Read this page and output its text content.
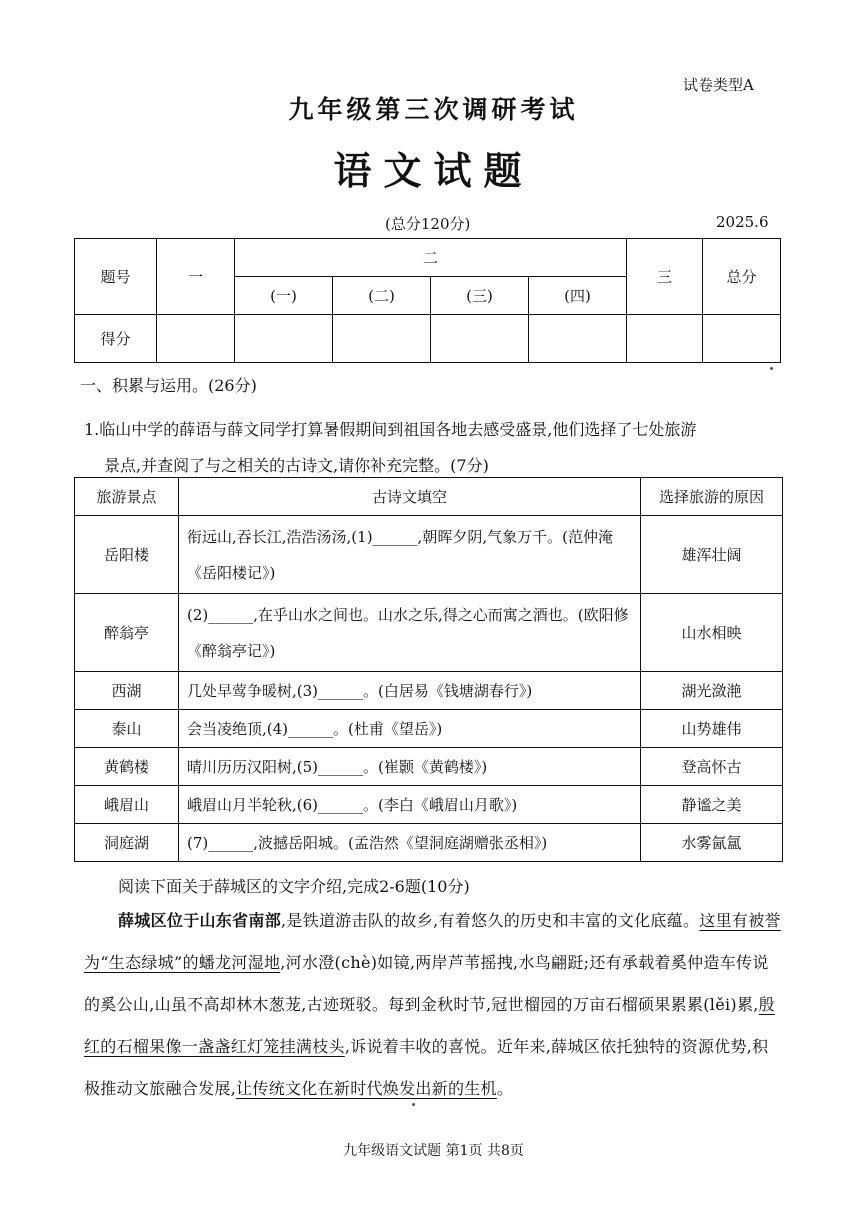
试卷类型A
九年级第三次调研考试
语文试题
(总分120分)	2025.6
题号	一	二				三	总分
		(一)	(二)	(三)	(四)		
得分							
一、积累与运用。(26分)
1.临山中学的薛语与薛文同学打算暑假期间到祖国各地去感受盛景,他们选择了七处旅游
景点,并查阅了与之相关的古诗文,请你补充完整。(7分)
旅游景点	古诗文填空	选择旅游的原因
岳阳楼	衔远山,吞长江,浩浩汤汤,(1)______,朝晖夕阴,气象万千。(范仲淹《岳阳楼记》)	雄浑壮阔
醉翁亭	(2)______,在乎山水之间也。山水之乐,得之心而寓之酒也。(欧阳修《醉翁亭记》)	山水相映
西湖	几处早莺争暖树,(3)______。(白居易《钱塘湖春行》)	湖光潋滟
泰山	会当凌绝顶,(4)______。(杜甫《望岳》)	山势雄伟
黄鹤楼	晴川历历汉阳树,(5)______。(崔颢《黄鹤楼》)	登高怀古
峨眉山	峨眉山月半轮秋,(6)______。(李白《峨眉山月歌》)	静谧之美
洞庭湖	(7)______,波撼岳阳城。(孟浩然《望洞庭湖赠张丞相》)	水雾氤氲
阅读下面关于薛城区的文字介绍,完成2-6题(10分)
薛城区位于山东省南部,是铁道游击队的故乡,有着悠久的历史和丰富的文化底蕴。这里有被誉为“生态绿城”的蟠龙河湿地,河水澄(chè)如镜,两岸芦苇摇拽,水鸟翩跹;还有承载着奚仲造车传说的奚公山,山虽不高却林木葱茏,古迹斑驳。每到金秋时节,冠世榴园的万亩石榴硕果累累(lěi)累,殷红的石榴果像一盏盏红灯笼挂满枝头,诉说着丰收的喜悦。近年来,薛城区依托独特的资源优势,积极推动文旅融合发展,让传统文化在新时代焕发出新的生机。
九年级语文试题 第1页 共8页
